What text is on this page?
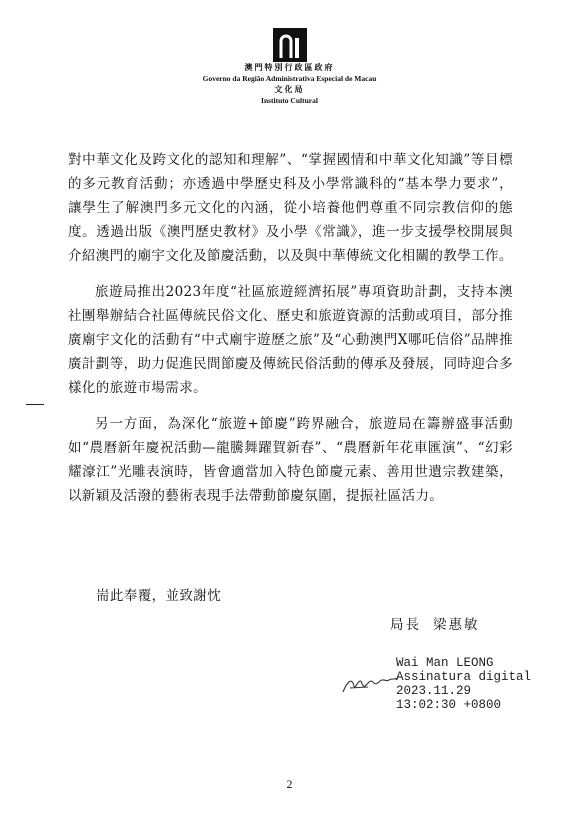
澳門特別行政區政府
Governo da Região Administrativa Especial de Macau
文化局
Instituto Cultural

對中華文化及跨文化的認知和理解”、“掌握國情和中華文化知識”等目標的多元教育活動；亦透過中學歷史科及小學常識科的“基本學力要求”，讓學生了解澳門多元文化的內涵，從小培養他們尊重不同宗教信仰的態度。透過出版《澳門歷史教材》及小學《常識》，進一步支援學校開展與介紹澳門的廟宇文化及節慶活動，以及與中華傳統文化相關的教學工作。

旅遊局推出2023年度“社區旅遊經濟拓展”專項資助計劃，支持本澳社團舉辦結合社區傳統民俗文化、歷史和旅遊資源的活動或項目，部分推廣廟宇文化的活動有“中式廟宇遊歷之旅”及“心動澳門X哪吒信俗”品牌推廣計劃等，助力促進民間節慶及傳統民俗活動的傳承及發展，同時迎合多樣化的旅遊市場需求。

另一方面，為深化“旅遊+節慶”跨界融合，旅遊局在籌辦盛事活動如“農曆新年慶祝活動—龍騰舞躍賀新春”、“農曆新年花車匯演”、“幻彩耀濠江”光雕表演時，皆會適當加入特色節慶元素、善用世遺宗教建築，以新穎及活潑的藝術表現手法帶動節慶氛圍，提振社區活力。

耑此奉覆，並致謝忱
局長 梁惠敏
Wai Man LEONG
Assinatura digital
2023.11.29
13:02:30 +0800
2
